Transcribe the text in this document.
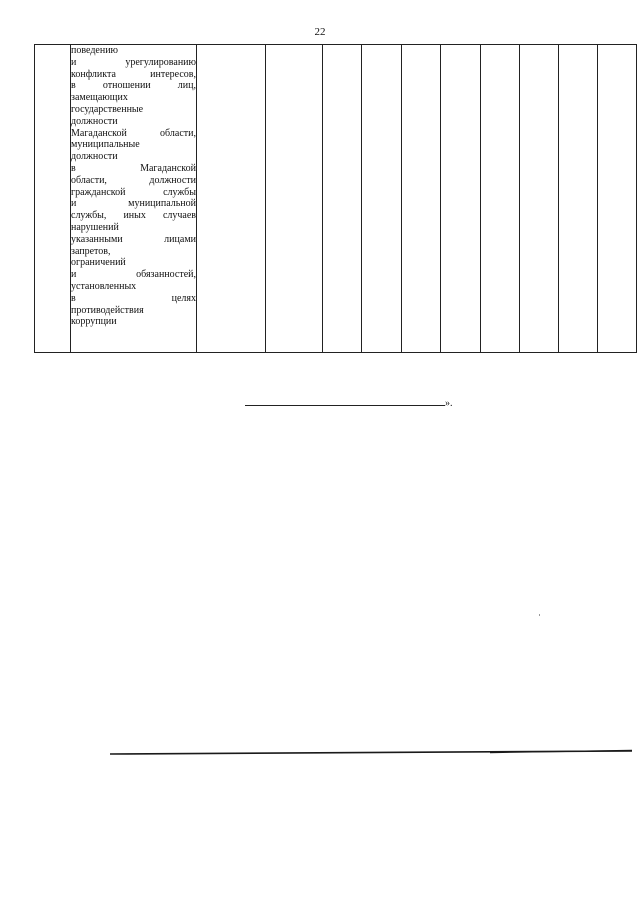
22

поведению
и урегулированию
конфликта интересов,
в отношении лиц,
замещающих
государственные
должности
Магаданской области,
муниципальные
должности
в Магаданской
области, должности
гражданской службы
и муниципальной
службы, иных случаев
нарушений
указанными лицами
запретов,
ограничений
и обязанностей,
установленных
в целях
противодействия
коррупции

».
